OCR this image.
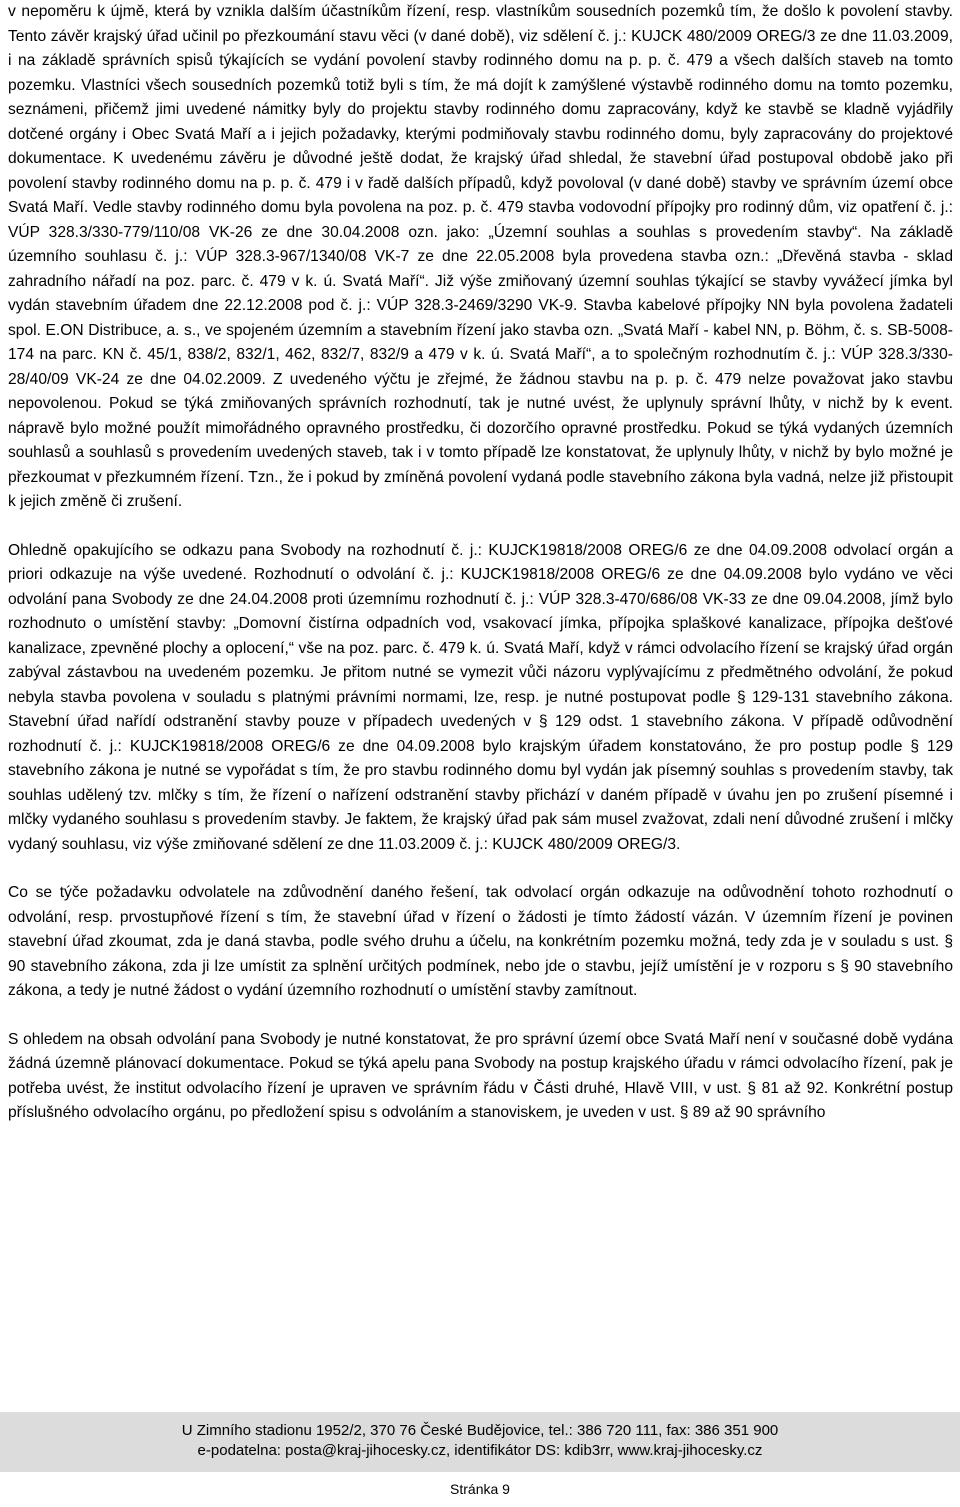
v nepoměru k újmě, která by vznikla dalším účastníkům řízení, resp. vlastníkům sousedních pozemků tím, že došlo k povolení stavby. Tento závěr krajský úřad učinil po přezkoumání stavu věci (v dané době), viz sdělení č. j.: KUJCK 480/2009 OREG/3 ze dne 11.03.2009, i na základě správních spisů týkajících se vydání povolení stavby rodinného domu na p. p. č. 479 a všech dalších staveb na tomto pozemku. Vlastníci všech sousedních pozemků totiž byli s tím, že má dojít k zamýšlené výstavbě rodinného domu na tomto pozemku, seznámeni, přičemž jimi uvedené námitky byly do projektu stavby rodinného domu zapracovány, když ke stavbě se kladně vyjádřily dotčené orgány i Obec Svatá Maří a i jejich požadavky, kterými podmiňovaly stavbu rodinného domu, byly zapracovány do projektové dokumentace. K uvedenému závěru je důvodné ještě dodat, že krajský úřad shledal, že stavební úřad postupoval obdobě jako při povolení stavby rodinného domu na p. p. č. 479 i v řadě dalších případů, když povoloval (v dané době) stavby ve správním území obce Svatá Maří. Vedle stavby rodinného domu byla povolena na poz. p. č. 479 stavba vodovodní přípojky pro rodinný dům, viz opatření č. j.: VÚP 328.3/330-779/110/08 VK-26 ze dne 30.04.2008 ozn. jako: „Územní souhlas a souhlas s provedením stavby“. Na základě územního souhlasu č. j.: VÚP 328.3-967/1340/08 VK-7 ze dne 22.05.2008 byla provedena stavba ozn.: „Dřevěná stavba - sklad zahradního nářadí na poz. parc. č. 479 v k. ú. Svatá Maří“. Již výše zmiňovaný územní souhlas týkající se stavby vyvážecí jímka byl vydán stavebním úřadem dne 22.12.2008 pod č. j.: VÚP 328.3-2469/3290 VK-9. Stavba kabelové přípojky NN byla povolena žadateli spol. E.ON Distribuce, a. s., ve spojeném územním a stavebním řízení jako stavba ozn. „Svatá Maří - kabel NN, p. Böhm, č. s. SB-5008-174 na parc. KN č. 45/1, 838/2, 832/1, 462, 832/7, 832/9 a 479 v k. ú. Svatá Maří“, a to společným rozhodnutím č. j.: VÚP 328.3/330-28/40/09 VK-24 ze dne 04.02.2009. Z uvedeného výčtu je zřejmé, že žádnou stavbu na p. p. č. 479 nelze považovat jako stavbu nepovolenou. Pokud se týká zmiňovaných správních rozhodnutí, tak je nutné uvést, že uplynuly správní lhůty, v nichž by k event. nápravě bylo možné použít mimořádného opravného prostředku, či dozorčího opravné prostředku. Pokud se týká vydaných územních souhlasů a souhlasů s provedením uvedených staveb, tak i v tomto případě lze konstatovat, že uplynuly lhůty, v nichž by bylo možné je přezkoumat v přezkumném řízení. Tzn., že i pokud by zmíněná povolení vydaná podle stavebního zákona byla vadná, nelze již přistoupit k jejich změně či zrušení.

Ohledně opakujícího se odkazu pana Svobody na rozhodnutí č. j.: KUJCK19818/2008 OREG/6 ze dne 04.09.2008 odvolací orgán a priori odkazuje na výše uvedené. Rozhodnutí o odvolání č. j.: KUJCK19818/2008 OREG/6 ze dne 04.09.2008 bylo vydáno ve věci odvolání pana Svobody ze dne 24.04.2008 proti územnímu rozhodnutí č. j.: VÚP 328.3-470/686/08 VK-33 ze dne 09.04.2008, jímž bylo rozhodnuto o umístění stavby: „Domovní čistírna odpadních vod, vsakovací jímka, přípojka splaškové kanalizace, přípojka dešťové kanalizace, zpevněné plochy a oplocení,“ vše na poz. parc. č. 479 k. ú. Svatá Maří, když v rámci odvolacího řízení se krajský úřad orgán zabýval zástavbou na uvedeném pozemku. Je přitom nutné se vymezit vůči názoru vyplývajícímu z předmětného odvolání, že pokud nebyla stavba povolena v souladu s platnými právními normami, lze, resp. je nutné postupovat podle § 129-131 stavebního zákona. Stavební úřad nařídí odstranění stavby pouze v případech uvedených v § 129 odst. 1 stavebního zákona. V případě odůvodnění rozhodnutí č. j.: KUJCK19818/2008 OREG/6 ze dne 04.09.2008 bylo krajským úřadem konstatováno, že pro postup podle § 129 stavebního zákona je nutné se vypořádat s tím, že pro stavbu rodinného domu byl vydán jak písemný souhlas s provedením stavby, tak souhlas udělený tzv. mlčky s tím, že řízení o nařízení odstranění stavby přichází v daném případě v úvahu jen po zrušení písemné i mlčky vydaného souhlasu s provedením stavby. Je faktem, že krajský úřad pak sám musel zvažovat, zdali není důvodné zrušení i mlčky vydaný souhlasu, viz výše zmiňované sdělení ze dne 11.03.2009 č. j.: KUJCK 480/2009 OREG/3.

Co se týče požadavku odvolatele na zdůvodnění daného řešení, tak odvolací orgán odkazuje na odůvodnění tohoto rozhodnutí o odvolání, resp. prvostupňové řízení s tím, že stavební úřad v řízení o žádosti je tímto žádostí vázán. V územním řízení je povinen stavební úřad zkoumat, zda je daná stavba, podle svého druhu a účelu, na konkrétním pozemku možná, tedy zda je v souladu s ust. § 90 stavebního zákona, zda ji lze umístit za splnění určitých podmínek, nebo jde o stavbu, jejíž umístění je v rozporu s § 90 stavebního zákona, a tedy je nutné žádost o vydání územního rozhodnutí o umístění stavby zamítnout.

S ohledem na obsah odvolání pana Svobody je nutné konstatovat, že pro správní území obce Svatá Maří není v současné době vydána žádná územně plánovací dokumentace. Pokud se týká apelu pana Svobody na postup krajského úřadu v rámci odvolacího řízení, pak je potřeba uvést, že institut odvolacího řízení je upraven ve správním řádu v Části druhé, Hlavě VIII, v ust. § 81 až 92. Konkrétní postup příslušného odvolacího orgánu, po předložení spisu s odvoláním a stanoviskem, je uveden v ust. § 89 až 90 správního

U Zimního stadionu 1952/2, 370 76 České Budějovice, tel.: 386 720 111, fax: 386 351 900
e-podatelna: posta@kraj-jihocesky.cz, identifikátor DS: kdib3rr, www.kraj-jihocesky.cz
Stránka 9
